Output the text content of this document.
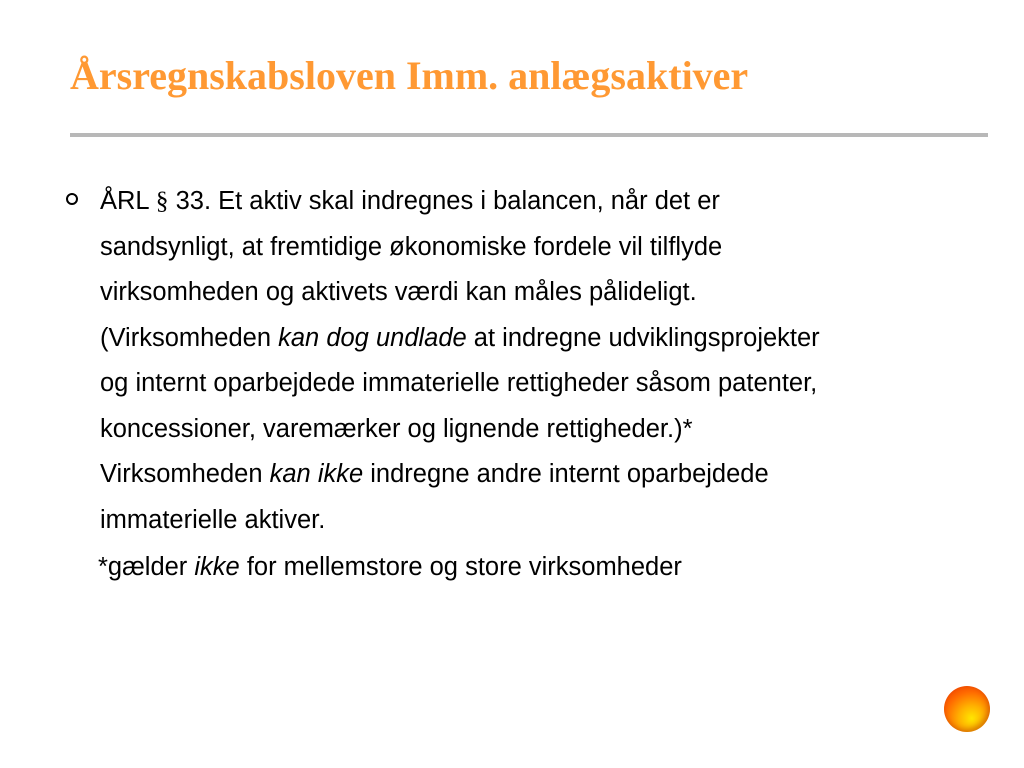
Årsregnskabsloven Imm. anlægsaktiver
ÅRL § 33. Et aktiv skal indregnes i balancen, når det er
sandsynligt, at fremtidige økonomiske fordele vil tilflyde
virksomheden og aktivets værdi kan måles pålideligt.
(Virksomheden kan dog undlade at indregne udviklingsprojekter
og internt oparbejdede immaterielle rettigheder såsom patenter,
koncessioner, varemærker og lignende rettigheder.)*
Virksomheden kan ikke indregne andre internt oparbejdede
immaterielle aktiver.
*gælder ikke for mellemstore og store virksomheder
